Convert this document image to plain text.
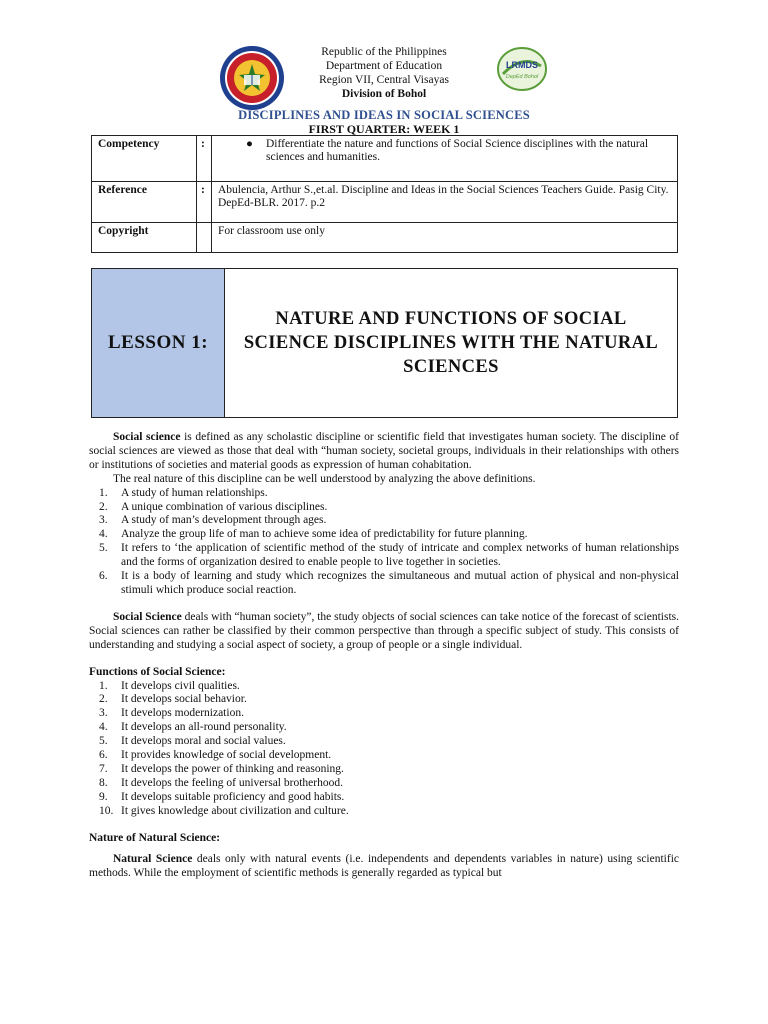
LRMDS
DepEd Bohol
Republic of the Philippines
Department of Education
Region VII, Central Visayas
Division of Bohol
DISCIPLINES AND IDEAS IN SOCIAL SCIENCES
FIRST QUARTER: WEEK 1
Competency	:	● Differentiate the nature and functions of Social Science disciplines with the natural sciences and humanities.

Reference	:	Abulencia, Arthur S.,et.al. Discipline and Ideas in the Social Sciences Teachers Guide. Pasig City. DepEd-BLR. 2017. p.2
Copyright		For classroom use only
LESSON 1:
NATURE AND FUNCTIONS OF SOCIAL SCIENCE DISCIPLINES WITH THE NATURAL SCIENCES

Social science is defined as any scholastic discipline or scientific field that investigates human society. The discipline of social sciences are viewed as those that deal with “human society, societal groups, individuals in their relationships with others or institutions of societies and material goods as expression of human cohabitation.

The real nature of this discipline can be well understood by analyzing the above definitions.

1.	A study of human relationships.
2.	A unique combination of various disciplines.
3.	A study of man’s development through ages.
4.	Analyze the group life of man to achieve some idea of predictability for future planning.
5.	It refers to ‘the application of scientific method of the study of intricate and complex networks of human relationships and the forms of organization desired to enable people to live together in societies.
6.	It is a body of learning and study which recognizes the simultaneous and mutual action of physical and non-physical stimuli which produce social reaction.

Social Science deals with “human society”, the study objects of social sciences can take notice of the forecast of scientists. Social sciences can rather be classified by their common perspective than through a specific subject of study. This consists of understanding and studying a social aspect of society, a group of people or a single individual.

Functions of Social Science:

1.	It develops civil qualities.
2.	It develops social behavior.
3.	It develops modernization.
4.	It develops an all-round personality.
5.	It develops moral and social values.
6.	It provides knowledge of social development.
7.	It develops the power of thinking and reasoning.
8.	It develops the feeling of universal brotherhood.
9.	It develops suitable proficiency and good habits.
10. It gives knowledge about civilization and culture.

Nature of Natural Science:

Natural Science deals only with natural events (i.e. independents and dependents variables in nature) using scientific methods. While the employment of scientific methods is generally regarded as typical but
